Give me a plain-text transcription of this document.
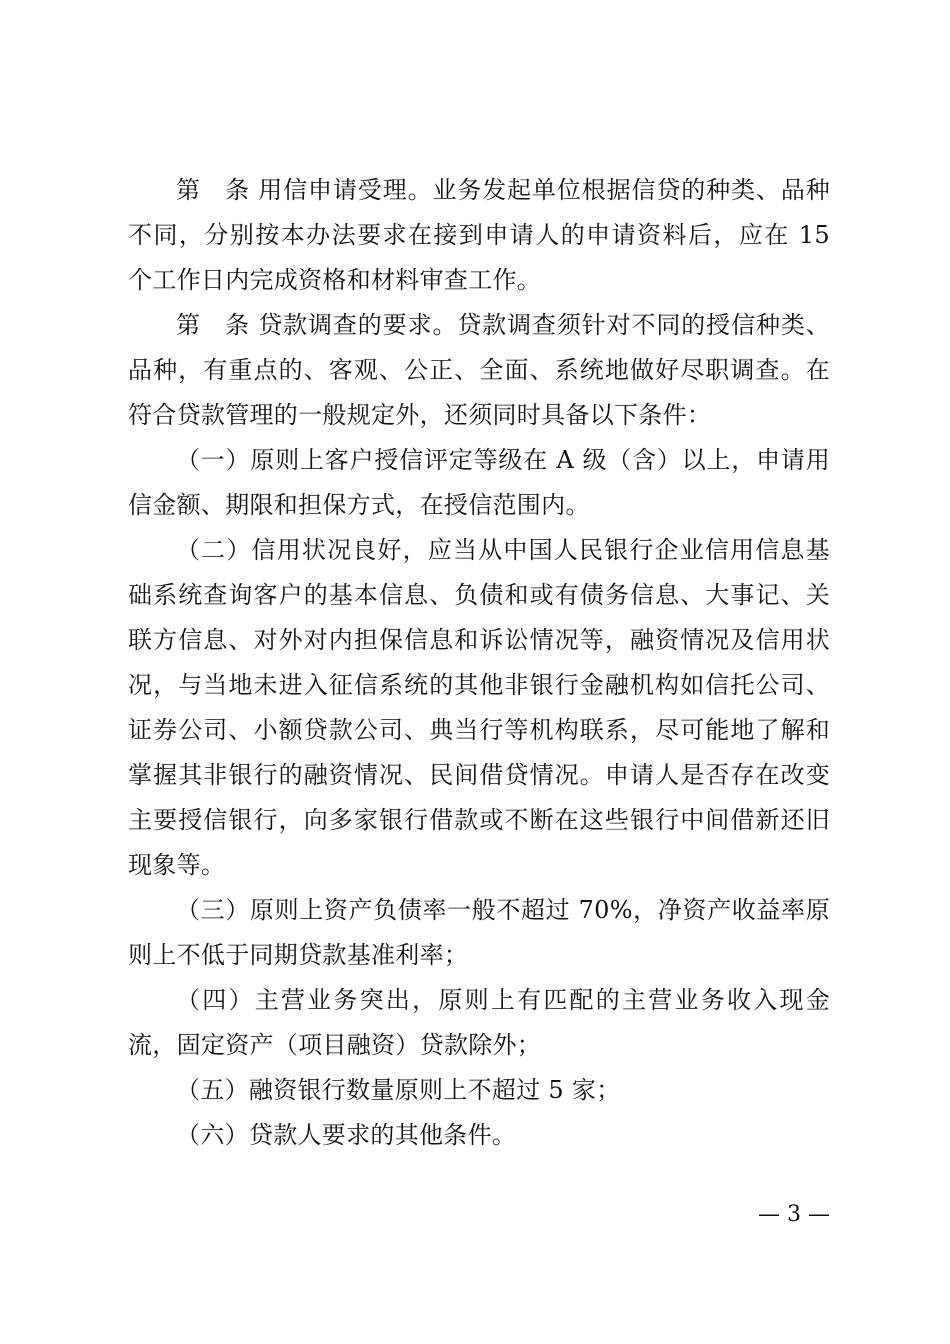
第　条 用信申请受理。业务发起单位根据信贷的种类、品种不同，分别按本办法要求在接到申请人的申请资料后，应在 15 个工作日内完成资格和材料审查工作。

第　条 贷款调查的要求。贷款调查须针对不同的授信种类、品种，有重点的、客观、公正、全面、系统地做好尽职调查。在符合贷款管理的一般规定外，还须同时具备以下条件：

（一）原则上客户授信评定等级在 A 级（含）以上，申请用信金额、期限和担保方式，在授信范围内。

（二）信用状况良好，应当从中国人民银行企业信用信息基础系统查询客户的基本信息、负债和或有债务信息、大事记、关联方信息、对外对内担保信息和诉讼情况等，融资情况及信用状况，与当地未进入征信系统的其他非银行金融机构如信托公司、证券公司、小额贷款公司、典当行等机构联系，尽可能地了解和掌握其非银行的融资情况、民间借贷情况。申请人是否存在改变主要授信银行，向多家银行借款或不断在这些银行中间借新还旧现象等。

（三）原则上资产负债率一般不超过 70%，净资产收益率原则上不低于同期贷款基准利率；

（四）主营业务突出，原则上有匹配的主营业务收入现金流，固定资产（项目融资）贷款除外；

（五）融资银行数量原则上不超过 5 家；

（六）贷款人要求的其他条件。

— 3 —
